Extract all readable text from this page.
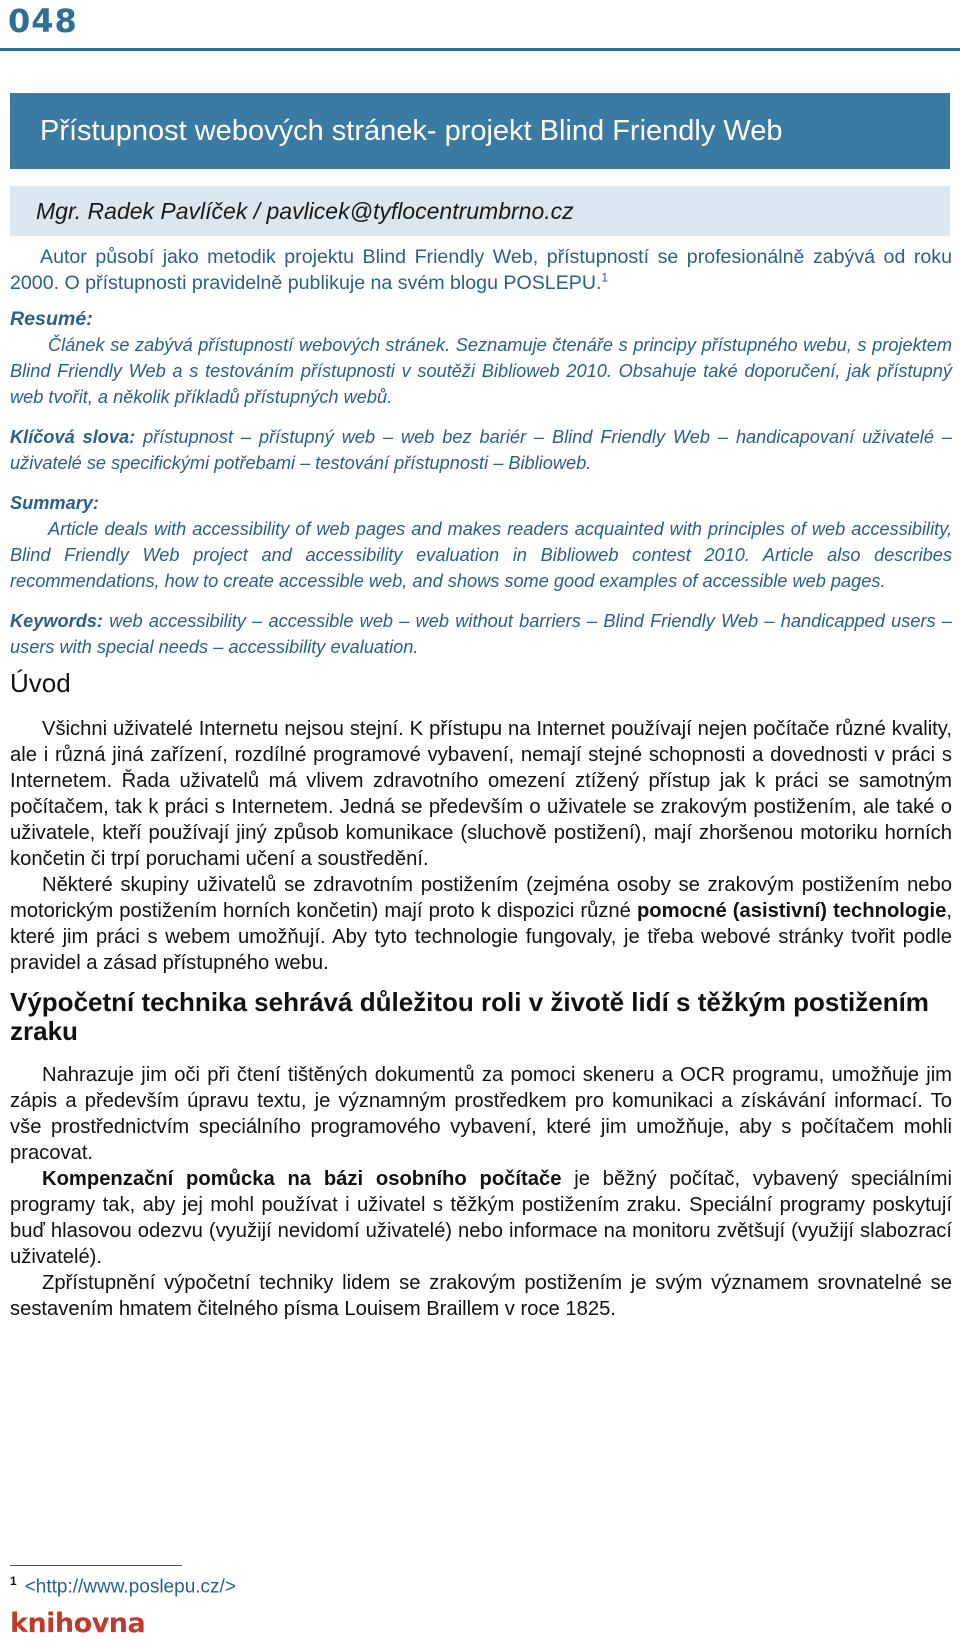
048
Přístupnost webových stránek- projekt Blind Friendly Web
Mgr. Radek Pavlíček / pavlicek@tyflocentrumbrno.cz

Autor působí jako metodik projektu Blind Friendly Web, přístupností se profesionálně zabývá od roku 2000. O přístupnosti pravidelně publikuje na svém blogu POSLEPU.$^1$

Resumé:

Článek se zabývá přístupností webových stránek. Seznamuje čtenáře s principy přístupného webu, s projektem Blind Friendly Web a s testováním přístupnosti v soutěži Biblioweb 2010. Obsahuje také doporučení, jak přístupný web tvořit, a několik příkladů přístupných webů.

Klíčová slova: přístupnost – přístupný web – web bez bariér – Blind Friendly Web – handicapovaní uživatelé – uživatelé se specifickými potřebami – testování přístupnosti – Biblioweb.

Summary:

Article deals with accessibility of web pages and makes readers acquainted with principles of web accessibility, Blind Friendly Web project and accessibility evaluation in Biblioweb contest 2010. Article also describes recommendations, how to create accessible web, and shows some good examples of accessible web pages.

Keywords: web accessibility – accessible web – web without barriers – Blind Friendly Web – handicapped users – users with special needs – accessibility evaluation.

Úvod

Všichni uživatelé Internetu nejsou stejní. K přístupu na Internet používají nejen počítače různé kvality, ale i různá jiná zařízení, rozdílné programové vybavení, nemají stejné schopnosti a dovednosti v práci s Internetem. Řada uživatelů má vlivem zdravotního omezení ztížený přístup jak k práci se samotným počítačem, tak k práci s Internetem. Jedná se především o uživatele se zrakovým postižením, ale také o uživatele, kteří používají jiný způsob komunikace (sluchově postižení), mají zhoršenou motoriku horních končetin či trpí poruchami učení a soustředění.

Některé skupiny uživatelů se zdravotním postižením (zejména osoby se zrakovým postižením nebo motorickým postižením horních končetin) mají proto k dispozici různé pomocné (asistivní) technologie, které jim práci s webem umožňují. Aby tyto technologie fungovaly, je třeba webové stránky tvořit podle pravidel a zásad přístupného webu.

Výpočetní technika sehrává důležitou roli v životě lidí s těžkým postižením zraku

Nahrazuje jim oči při čtení tištěných dokumentů za pomoci skeneru a OCR programu, umožňuje jim zápis a především úpravu textu, je významným prostředkem pro komunikaci a získávání informací. To vše prostřednictvím speciálního programového vybavení, které jim umožňuje, aby s počítačem mohli pracovat.

Kompenzační pomůcka na bázi osobního počítače je běžný počítač, vybavený speciálními programy tak, aby jej mohl používat i uživatel s těžkým postižením zraku. Speciální programy poskytují buď hlasovou odezvu (využijí nevidomí uživatelé) nebo informace na monitoru zvětšují (využijí slabozrací uživatelé).

Zpřístupnění výpočetní techniky lidem se zrakovým postižením je svým významem srovnatelné se sestavením hmatem čitelného písma Louisem Braillem v roce 1825.

$^1$ <http://www.poslepu.cz/>
knihovna
